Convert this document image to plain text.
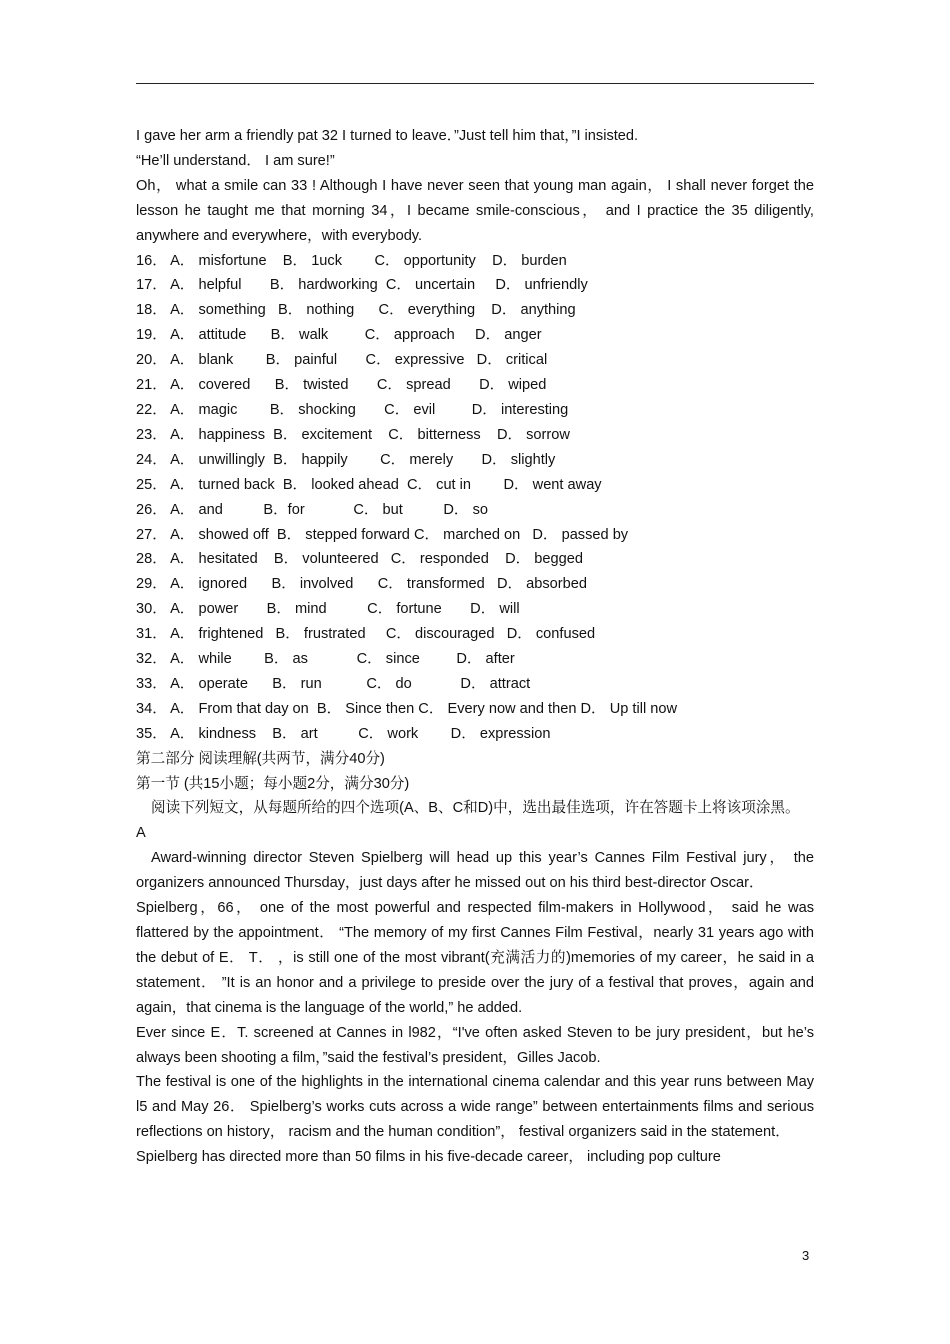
I gave her arm a friendly pat 32 I turned to leave．”Just tell him that，”I insisted.

“He’ll understand． I am sure!”

Oh， what a smile can 33 ! Although I have never seen that young man again， I shall never forget the lesson he taught me that morning 34，I became smile-conscious， and I practice the 35 diligently, anywhere and everywhere，with everybody.

16． A． misfortune    B． 1uck        C． opportunity    D． burden

17． A． helpful       B． hardworking  C． uncertain     D． unfriendly

18． A． something   B． nothing      C． everything    D． anything

19． A． attitude      B． walk         C． approach     D． anger

20． A． blank        B． painful       C． expressive   D． critical

21． A． covered      B． twisted       C． spread       D． wiped

22． A． magic        B． shocking       C． evil         D． interesting

23． A． happiness  B． excitement    C． bitterness    D． sorrow

24． A． unwillingly  B． happily        C． merely       D． slightly

25． A． turned back  B． looked ahead  C． cut in        D． went away

26． A． and          B．for            C． but          D． so

27． A． showed off  B． stepped forward C． marched on   D． passed by

28． A． hesitated    B． volunteered   C． responded    D． begged

29． A． ignored      B． involved      C． transformed   D． absorbed

30． A． power       B． mind          C． fortune       D． will

31． A． frightened   B． frustrated     C． discouraged   D． confused

32． A． while        B． as            C． since         D． after

33． A． operate      B． run           C． do            D． attract

34． A． From that day on  B． Since then C． Every now and then D． Up till now

35． A． kindness    B． art          C． work        D． expression

第二部分 阅读理解(共两节，满分40分)

第一节 (共15小题；每小题2分，满分30分)

阅读下列短文，从每题所给的四个选项(A、B、C和D)中，选出最佳选项，许在答题卡上将该项涂黑。

A

Award-winning director Steven Spielberg will head up this year’s Cannes Film Festival jury， the organizers announced Thursday，just days after he missed out on his third best-director Oscar．

Spielberg，66， one of the most powerful and respected film-makers in Hollywood， said he was flattered by the appointment． “The memory of my first Cannes Film Festival，nearly 31 years ago with the debut of E． T． ，is still one of the most vibrant(充满活力的)memories of my career，he said in a statement． ”It is an honor and a privilege to preside over the jury of a festival that proves，again and again，that cinema is the language of the world,” he added.

Ever since E．T. screened at Cannes in l982，“I've often asked Steven to be jury president，but he’s always been shooting a film，”said the festival’s president，Gilles Jacob.

The festival is one of the highlights in the international cinema calendar and this year runs between May l5 and May 26． Spielberg’s works cuts across a wide range” between entertainments films and serious reflections on history， racism and the human condition”， festival organizers said in the statement．

Spielberg has directed more than 50 films in his five-decade career， including pop culture

3
